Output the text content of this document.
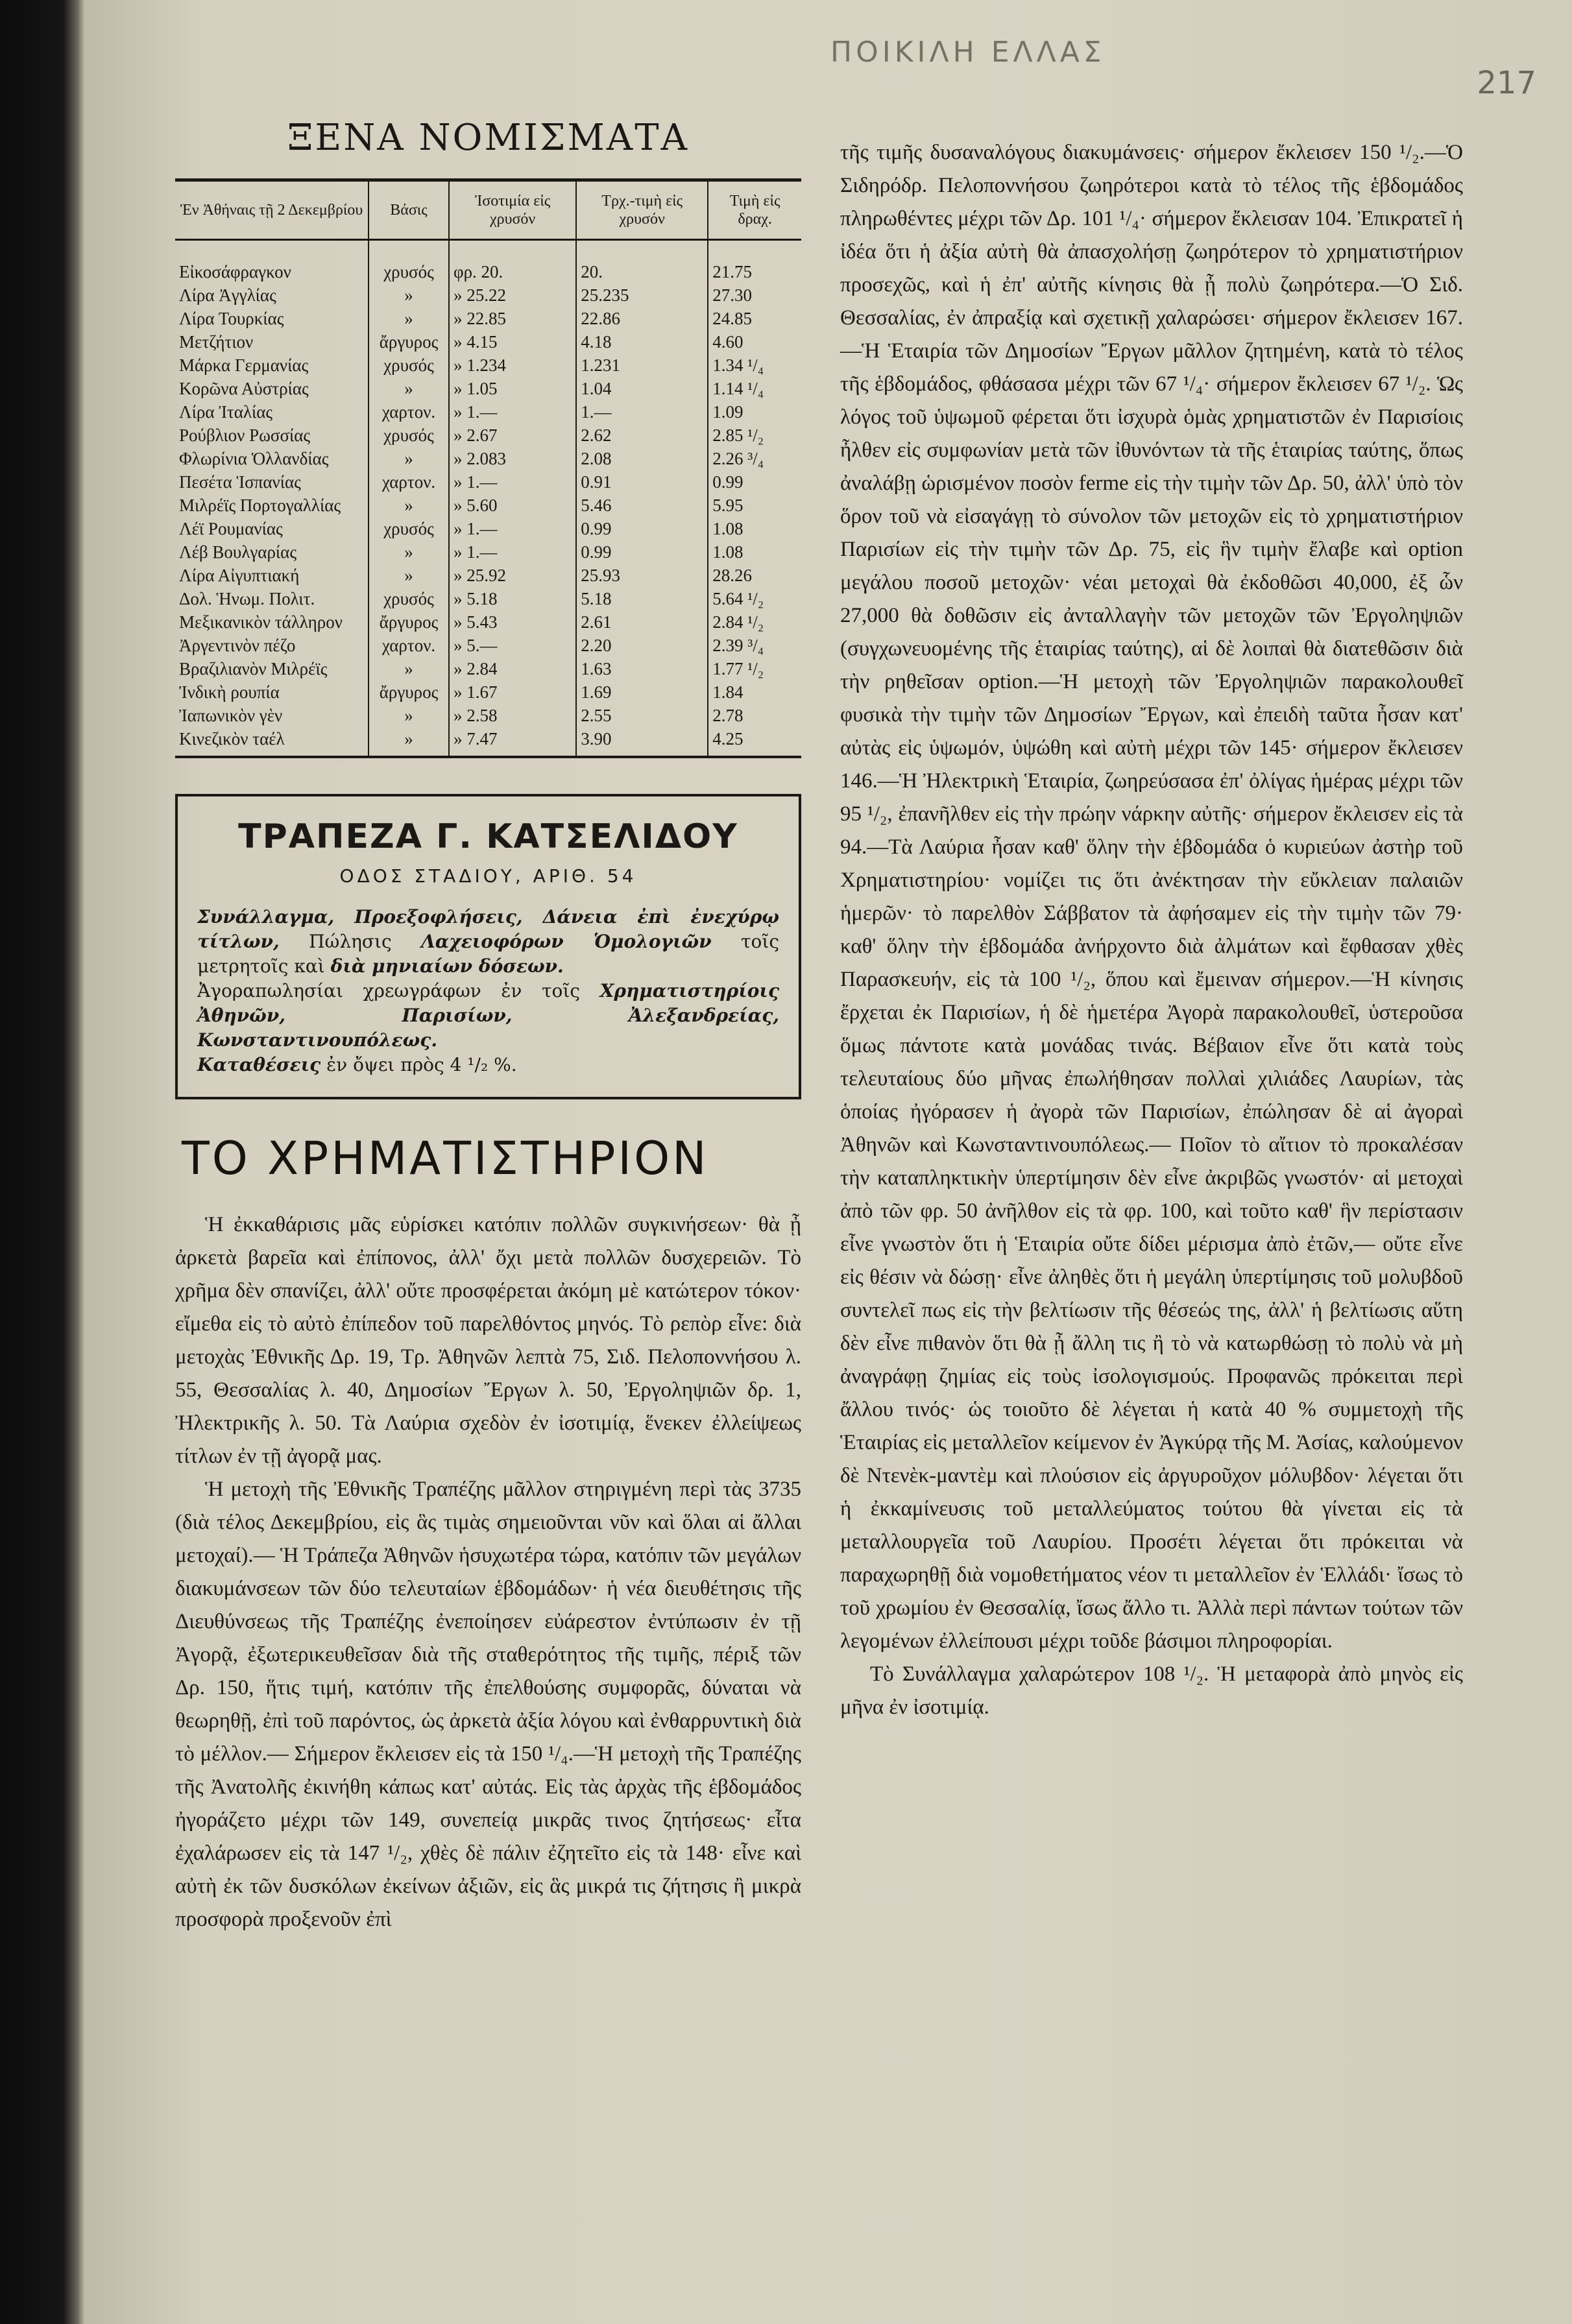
ΠΟΙΚΙΛΗ ΕΛΛΑΣ
217
ΞΕΝΑ ΝΟΜΙΣΜΑΤΑ
Ἐν Ἀθήναις τῇ 2 Δεκεμβρίου	Βάσις	Ἰσοτιμία εἰς χρυσόν	Τρχ.-τιμὴ εἰς χρυσόν	Τιμὴ εἰς δραχ.
Εἰκοσάφραγκον	χρυσός	φρ. 20.	20.	21.75
Λίρα Ἀγγλίας	»	» 25.22	25.235	27.30
Λίρα Τουρκίας	»	» 22.85	22.86	24.85
Μετζήτιον	ἄργυρος	» 4.15	4.18	4.60
Μάρκα Γερμανίας	χρυσός	» 1.234	1.231	1.34 ¹/₄
Κορῶνα Αὐστρίας	»	» 1.05	1.04	1.14 ¹/₄
Λίρα Ἰταλίας	χαρτον.	» 1.—	1.—	1.09
Ρούβλιον Ρωσσίας	χρυσός	» 2.67	2.62	2.85 ¹/₂
Φλωρίνια Ὁλλανδίας	»	» 2.083	2.08	2.26 ³/₄
Πεσέτα Ἱσπανίας	χαρτον.	» 1.—	0.91	0.99
Μιλρέϊς Πορτογαλλίας	»	» 5.60	5.46	5.95
Λέϊ Ρουμανίας	χρυσός	» 1.—	0.99	1.08
Λέβ Βουλγαρίας	»	» 1.—	0.99	1.08
Λίρα Αἰγυπτιακή	»	» 25.92	25.93	28.26
Δολ. Ἡνωμ. Πολιτ.	χρυσός	» 5.18	5.18	5.64 ¹/₂
Μεξικανικὸν τάλληρον	ἄργυρος	» 5.43	2.61	2.84 ¹/₂
Ἀργεντινὸν πέζο	χαρτον.	» 5.—	2.20	2.39 ³/₄
Βραζιλιανὸν Μιλρέϊς	»	» 2.84	1.63	1.77 ¹/₂
Ἰνδικὴ ρουπία	ἄργυρος	» 1.67	1.69	1.84
Ἰαπωνικὸν γὲν	»	» 2.58	2.55	2.78
Κινεζικὸν ταέλ	»	» 7.47	3.90	4.25
ΤΡΑΠΕΖΑ Γ. ΚΑΤΣΕΛΙΔΟΥ
ΟΔΟΣ ΣΤΑΔΙΟΥ, ΑΡΙΘ. 54
Συνάλλαγμα, Προεξοφλήσεις, Δάνεια ἐπὶ ἐνεχύρῳ τίτλων, Πώλησις Λαχειοφόρων Ὁμολογιῶν τοῖς μετρητοῖς καὶ διὰ μηνιαίων δόσεων.
Ἀγοραπωλησίαι χρεωγράφων ἐν τοῖς Χρηματιστηρίοις Ἀθηνῶν, Παρισίων, Ἀλεξανδρείας, Κωνσταντινουπόλεως.
Καταθέσεις ἐν ὄψει πρὸς 4 ¹/₂ %.
ΤΟ ΧΡΗΜΑΤΙΣΤΗΡΙΟΝ

Ἡ ἐκκαθάρισις μᾶς εὑρίσκει κατόπιν πολλῶν συγκινήσεων· θὰ ᾖ ἀρκετὰ βαρεῖα καὶ ἐπίπονος, ἀλλ' ὄχι μετὰ πολλῶν δυσχερειῶν. Τὸ χρῆμα δὲν σπανίζει, ἀλλ' οὔτε προσφέρεται ἀκόμη μὲ κατώτερον τόκον· εἴμεθα εἰς τὸ αὐτὸ ἐπίπεδον τοῦ παρελθόντος μηνός. Τὸ ρεπὸρ εἶνε: διὰ μετοχὰς Ἐθνικῆς Δρ. 19, Τρ. Ἀθηνῶν λεπτὰ 75, Σιδ. Πελοποννήσου λ. 55, Θεσσαλίας λ. 40, Δημοσίων Ἔργων λ. 50, Ἐργοληψιῶν δρ. 1, Ἠλεκτρικῆς λ. 50. Τὰ Λαύρια σχεδὸν ἐν ἰσοτιμίᾳ, ἕνεκεν ἐλλείψεως τίτλων ἐν τῇ ἀγορᾷ μας.

Ἡ μετοχὴ τῆς Ἐθνικῆς Τραπέζης μᾶλλον στηριγμένη περὶ τὰς 3735 (διὰ τέλος Δεκεμβρίου, εἰς ἃς τιμὰς σημειοῦνται νῦν καὶ ὅλαι αἱ ἄλλαι μετοχαί).— Ἡ Τράπεζα Ἀθηνῶν ἡσυχωτέρα τώρα, κατόπιν τῶν μεγάλων διακυμάνσεων τῶν δύο τελευταίων ἑβδομάδων· ἡ νέα διευθέτησις τῆς Διευθύνσεως τῆς Τραπέζης ἐνεποίησεν εὐάρεστον ἐντύπωσιν ἐν τῇ Ἀγορᾷ, ἐξωτερικευθεῖσαν διὰ τῆς σταθερότητος τῆς τιμῆς, πέριξ τῶν Δρ. 150, ἥτις τιμή, κατόπιν τῆς ἐπελθούσης συμφορᾶς, δύναται νὰ θεωρηθῇ, ἐπὶ τοῦ παρόντος, ὡς ἀρκετὰ ἀξία λόγου καὶ ἐνθαρρυντικὴ διὰ τὸ μέλλον.— Σήμερον ἔκλεισεν εἰς τὰ 150 ¹/₄.—Ἡ μετοχὴ τῆς Τραπέζης τῆς Ἀνατολῆς ἐκινήθη κάπως κατ' αὐτάς. Εἰς τὰς ἀρχὰς τῆς ἑβδομάδος ἠγοράζετο μέχρι τῶν 149, συνεπείᾳ μικρᾶς τινος ζητήσεως· εἶτα ἐχαλάρωσεν εἰς τὰ 147 ¹/₂, χθὲς δὲ πάλιν ἐζητεῖτο εἰς τὰ 148· εἶνε καὶ αὐτὴ ἐκ τῶν δυσκόλων ἐκείνων ἀξιῶν, εἰς ἃς μικρά τις ζήτησις ἢ μικρὰ προσφορὰ προξενοῦν ἐπὶ

τῆς τιμῆς δυσαναλόγους διακυμάνσεις· σήμερον ἔκλεισεν 150 ¹/₂.—Ὁ Σιδηρόδρ. Πελοποννήσου ζωηρότεροι κατὰ τὸ τέλος τῆς ἑβδομάδος πληρωθέντες μέχρι τῶν Δρ. 101 ¹/₄· σήμερον ἔκλεισαν 104. Ἐπικρατεῖ ἡ ἰδέα ὅτι ἡ ἀξία αὐτὴ θὰ ἀπασχολήσῃ ζωηρότερον τὸ χρηματιστήριον προσεχῶς, καὶ ἡ ἐπ' αὐτῆς κίνησις θὰ ᾖ πολὺ ζωηρότερα.—Ὁ Σιδ. Θεσσαλίας, ἐν ἀπραξίᾳ καὶ σχετικῇ χαλαρώσει· σήμερον ἔκλεισεν 167.—Ἡ Ἑταιρία τῶν Δημοσίων Ἔργων μᾶλλον ζητημένη, κατὰ τὸ τέλος τῆς ἑβδομάδος, φθάσασα μέχρι τῶν 67 ¹/₄· σήμερον ἔκλεισεν 67 ¹/₂. Ὡς λόγος τοῦ ὑψωμοῦ φέρεται ὅτι ἰσχυρὰ ὁμὰς χρηματιστῶν ἐν Παρισίοις ἦλθεν εἰς συμφωνίαν μετὰ τῶν ἰθυνόντων τὰ τῆς ἑταιρίας ταύτης, ὅπως ἀναλάβῃ ὡρισμένον ποσὸν ferme εἰς τὴν τιμὴν τῶν Δρ. 50, ἀλλ' ὑπὸ τὸν ὅρον τοῦ νὰ εἰσαγάγῃ τὸ σύνολον τῶν μετοχῶν εἰς τὸ χρηματιστήριον Παρισίων εἰς τὴν τιμὴν τῶν Δρ. 75, εἰς ἣν τιμὴν ἔλαβε καὶ option μεγάλου ποσοῦ μετοχῶν· νέαι μετοχαὶ θὰ ἐκδοθῶσι 40,000, ἐξ ὧν 27,000 θὰ δοθῶσιν εἰς ἀνταλλαγὴν τῶν μετοχῶν τῶν Ἐργοληψιῶν (συγχωνευομένης τῆς ἑταιρίας ταύτης), αἱ δὲ λοιπαὶ θὰ διατεθῶσιν διὰ τὴν ρηθεῖσαν option.—Ἡ μετοχὴ τῶν Ἐργοληψιῶν παρακολουθεῖ φυσικὰ τὴν τιμὴν τῶν Δημοσίων Ἔργων, καὶ ἐπειδὴ ταῦτα ἦσαν κατ' αὐτὰς εἰς ὑψωμόν, ὑψώθη καὶ αὐτὴ μέχρι τῶν 145· σήμερον ἔκλεισεν 146.—Ἡ Ἠλεκτρικὴ Ἑταιρία, ζωηρεύσασα ἐπ' ὀλίγας ἡμέρας μέχρι τῶν 95 ¹/₂, ἐπανῆλθεν εἰς τὴν πρώην νάρκην αὐτῆς· σήμερον ἔκλεισεν εἰς τὰ 94.—Τὰ Λαύρια ἦσαν καθ' ὅλην τὴν ἑβδομάδα ὁ κυριεύων ἀστὴρ τοῦ Χρηματιστηρίου· νομίζει τις ὅτι ἀνέκτησαν τὴν εὔκλειαν παλαιῶν ἡμερῶν· τὸ παρελθὸν Σάββατον τὰ ἀφήσαμεν εἰς τὴν τιμὴν τῶν 79· καθ' ὅλην τὴν ἑβδομάδα ἀνήρχοντο διὰ ἀλμάτων καὶ ἔφθασαν χθὲς Παρασκευήν, εἰς τὰ 100 ¹/₂, ὅπου καὶ ἔμειναν σήμερον.—Ἡ κίνησις ἔρχεται ἐκ Παρισίων, ἡ δὲ ἡμετέρα Ἀγορὰ παρακολουθεῖ, ὑστεροῦσα ὅμως πάντοτε κατὰ μονάδας τινάς. Βέβαιον εἶνε ὅτι κατὰ τοὺς τελευταίους δύο μῆνας ἐπωλήθησαν πολλαὶ χιλιάδες Λαυρίων, τὰς ὁποίας ἠγόρασεν ἡ ἀγορὰ τῶν Παρισίων, ἐπώλησαν δὲ αἱ ἀγοραὶ Ἀθηνῶν καὶ Κωνσταντινουπόλεως.— Ποῖον τὸ αἴτιον τὸ προκαλέσαν τὴν καταπληκτικὴν ὑπερτίμησιν δὲν εἶνε ἀκριβῶς γνωστόν· αἱ μετοχαὶ ἀπὸ τῶν φρ. 50 ἀνῆλθον εἰς τὰ φρ. 100, καὶ τοῦτο καθ' ἣν περίστασιν εἶνε γνωστὸν ὅτι ἡ Ἑταιρία οὔτε δίδει μέρισμα ἀπὸ ἐτῶν,— οὔτε εἶνε εἰς θέσιν νὰ δώσῃ· εἶνε ἀληθὲς ὅτι ἡ μεγάλη ὑπερτίμησις τοῦ μολυβδοῦ συντελεῖ πως εἰς τὴν βελτίωσιν τῆς θέσεώς της, ἀλλ' ἡ βελτίωσις αὕτη δὲν εἶνε πιθανὸν ὅτι θὰ ᾖ ἄλλη τις ἢ τὸ νὰ κατωρθώσῃ τὸ πολὺ νὰ μὴ ἀναγράφῃ ζημίας εἰς τοὺς ἰσολογισμούς. Προφανῶς πρόκειται περὶ ἄλλου τινός· ὡς τοιοῦτο δὲ λέγεται ἡ κατὰ 40 % συμμετοχὴ τῆς Ἑταιρίας εἰς μεταλλεῖον κείμενον ἐν Ἀγκύρᾳ τῆς Μ. Ἀσίας, καλούμενον δὲ Ντενὲκ-μαντὲμ καὶ πλούσιον εἰς ἀργυροῦχον μόλυβδον· λέγεται ὅτι ἡ ἐκκαμίνευσις τοῦ μεταλλεύματος τούτου θὰ γίνεται εἰς τὰ μεταλλουργεῖα τοῦ Λαυρίου. Προσέτι λέγεται ὅτι πρόκειται νὰ παραχωρηθῇ διὰ νομοθετήματος νέον τι μεταλλεῖον ἐν Ἑλλάδι· ἴσως τὸ τοῦ χρωμίου ἐν Θεσσαλίᾳ, ἴσως ἄλλο τι. Ἀλλὰ περὶ πάντων τούτων τῶν λεγομένων ἐλλείπουσι μέχρι τοῦδε βάσιμοι πληροφορίαι.

Τὸ Συνάλλαγμα χαλαρώτερον 108 ¹/₂. Ἡ μεταφορὰ ἀπὸ μηνὸς εἰς μῆνα ἐν ἰσοτιμίᾳ.
